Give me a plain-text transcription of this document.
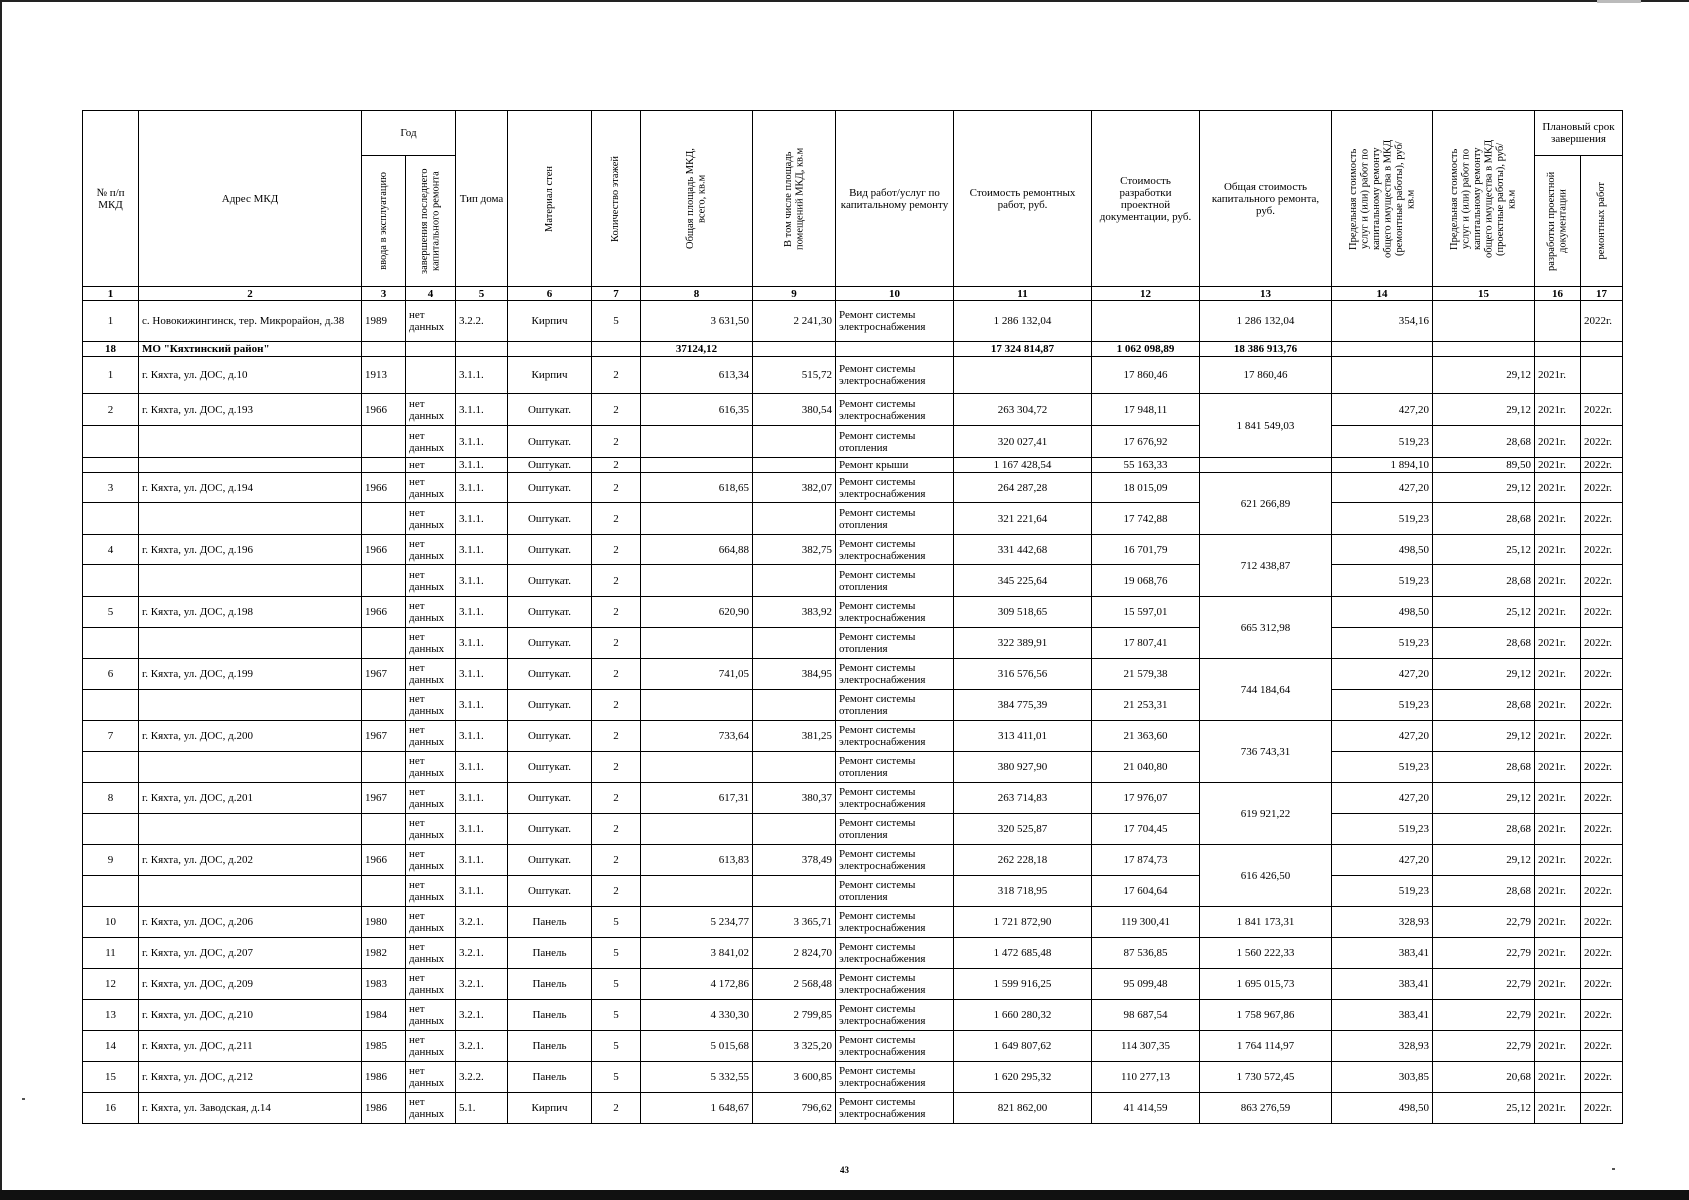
№ п/п МКД	Адрес МКД	Год		Тип дома	Материал стен	Количество этажей	Общая площадь МКД, всего, кв.м	В том числе площадь помещений МКД, кв.м	Вид работ/услуг по капитальному ремонту	Стоимость ремонтных работ, руб.	Стоимость разработки проектной документации, руб.	Общая стоимость капитального ремонта, руб.	Предельная стоимость услуг и (или) работ по капитальному ремонту общего имущества в МКД (ремонтные работы), руб/кв.м	Предельная стоимость услуг и (или) работ по капитальному ремонту общего имущества в МКД (проектные работы), руб/кв.м	Плановый срок завершения	

		ввода в эксплуатацию	завершения последнего капитального ремонта												разработки проектной документации	ремонтных работ

1	2	3	4	5	6	7	8	9	10	11	12	13	14	15	16	17
1	с. Новокижингинск, тер. Микрорайон, д.38	1989	нет данных	3.2.2.	Кирпич	5	3 631,50	2 241,30	Ремонт системы электроснабжения	1 286 132,04		1 286 132,04	354,16			2022г.
18	МО "Кяхтинский район"						37124,12			17 324 814,87	1 062 098,89	18 386 913,76				
1	г. Кяхта, ул. ДОС, д.10	1913		3.1.1.	Кирпич	2	613,34	515,72	Ремонт системы электроснабжения		17 860,46	17 860,46		29,12	2021г.	
2	г. Кяхта, ул. ДОС, д.193	1966	нет данных	3.1.1.	Оштукат.	2	616,35	380,54	Ремонт системы электроснабжения	263 304,72	17 948,11	1 841 549,03	427,20	29,12	2021г.	2022г.
			нет данных	3.1.1.	Оштукат.	2			Ремонт системы отопления	320 027,41	17 676,92		519,23	28,68	2021г.	2022г.
			нет	3.1.1.	Оштукат.	2			Ремонт крыши	1 167 428,54	55 163,33		1 894,10	89,50	2021г.	2022г.
3	г. Кяхта, ул. ДОС, д.194	1966	нет данных	3.1.1.	Оштукат.	2	618,65	382,07	Ремонт системы электроснабжения	264 287,28	18 015,09	621 266,89	427,20	29,12	2021г.	2022г.
			нет данных	3.1.1.	Оштукат.	2			Ремонт системы отопления	321 221,64	17 742,88		519,23	28,68	2021г.	2022г.
4	г. Кяхта, ул. ДОС, д.196	1966	нет данных	3.1.1.	Оштукат.	2	664,88	382,75	Ремонт системы электроснабжения	331 442,68	16 701,79	712 438,87	498,50	25,12	2021г.	2022г.
			нет данных	3.1.1.	Оштукат.	2			Ремонт системы отопления	345 225,64	19 068,76		519,23	28,68	2021г.	2022г.
5	г. Кяхта, ул. ДОС, д.198	1966	нет данных	3.1.1.	Оштукат.	2	620,90	383,92	Ремонт системы электроснабжения	309 518,65	15 597,01	665 312,98	498,50	25,12	2021г.	2022г.
			нет данных	3.1.1.	Оштукат.	2			Ремонт системы отопления	322 389,91	17 807,41		519,23	28,68	2021г.	2022г.
6	г. Кяхта, ул. ДОС, д.199	1967	нет данных	3.1.1.	Оштукат.	2	741,05	384,95	Ремонт системы электроснабжения	316 576,56	21 579,38	744 184,64	427,20	29,12	2021г.	2022г.
			нет данных	3.1.1.	Оштукат.	2			Ремонт системы отопления	384 775,39	21 253,31		519,23	28,68	2021г.	2022г.
7	г. Кяхта, ул. ДОС, д.200	1967	нет данных	3.1.1.	Оштукат.	2	733,64	381,25	Ремонт системы электроснабжения	313 411,01	21 363,60	736 743,31	427,20	29,12	2021г.	2022г.
			нет данных	3.1.1.	Оштукат.	2			Ремонт системы отопления	380 927,90	21 040,80		519,23	28,68	2021г.	2022г.
8	г. Кяхта, ул. ДОС, д.201	1967	нет данных	3.1.1.	Оштукат.	2	617,31	380,37	Ремонт системы электроснабжения	263 714,83	17 976,07	619 921,22	427,20	29,12	2021г.	2022г.
			нет данных	3.1.1.	Оштукат.	2			Ремонт системы отопления	320 525,87	17 704,45		519,23	28,68	2021г.	2022г.
9	г. Кяхта, ул. ДОС, д.202	1966	нет данных	3.1.1.	Оштукат.	2	613,83	378,49	Ремонт системы электроснабжения	262 228,18	17 874,73	616 426,50	427,20	29,12	2021г.	2022г.
			нет данных	3.1.1.	Оштукат.	2			Ремонт системы отопления	318 718,95	17 604,64		519,23	28,68	2021г.	2022г.
10	г. Кяхта, ул. ДОС, д.206	1980	нет данных	3.2.1.	Панель	5	5 234,77	3 365,71	Ремонт системы электроснабжения	1 721 872,90	119 300,41	1 841 173,31	328,93	22,79	2021г.	2022г.
11	г. Кяхта, ул. ДОС, д.207	1982	нет данных	3.2.1.	Панель	5	3 841,02	2 824,70	Ремонт системы электроснабжения	1 472 685,48	87 536,85	1 560 222,33	383,41	22,79	2021г.	2022г.
12	г. Кяхта, ул. ДОС, д.209	1983	нет данных	3.2.1.	Панель	5	4 172,86	2 568,48	Ремонт системы электроснабжения	1 599 916,25	95 099,48	1 695 015,73	383,41	22,79	2021г.	2022г.
13	г. Кяхта, ул. ДОС, д.210	1984	нет данных	3.2.1.	Панель	5	4 330,30	2 799,85	Ремонт системы электроснабжения	1 660 280,32	98 687,54	1 758 967,86	383,41	22,79	2021г.	2022г.
14	г. Кяхта, ул. ДОС, д.211	1985	нет данных	3.2.1.	Панель	5	5 015,68	3 325,20	Ремонт системы электроснабжения	1 649 807,62	114 307,35	1 764 114,97	328,93	22,79	2021г.	2022г.
15	г. Кяхта, ул. ДОС, д.212	1986	нет данных	3.2.2.	Панель	5	5 332,55	3 600,85	Ремонт системы электроснабжения	1 620 295,32	110 277,13	1 730 572,45	303,85	20,68	2021г.	2022г.
16	г. Кяхта, ул. Заводская, д.14	1986	нет данных	5.1.	Кирпич	2	1 648,67	796,62	Ремонт системы электроснабжения	821 862,00	41 414,59	863 276,59	498,50	25,12	2021г.	2022г.
43
